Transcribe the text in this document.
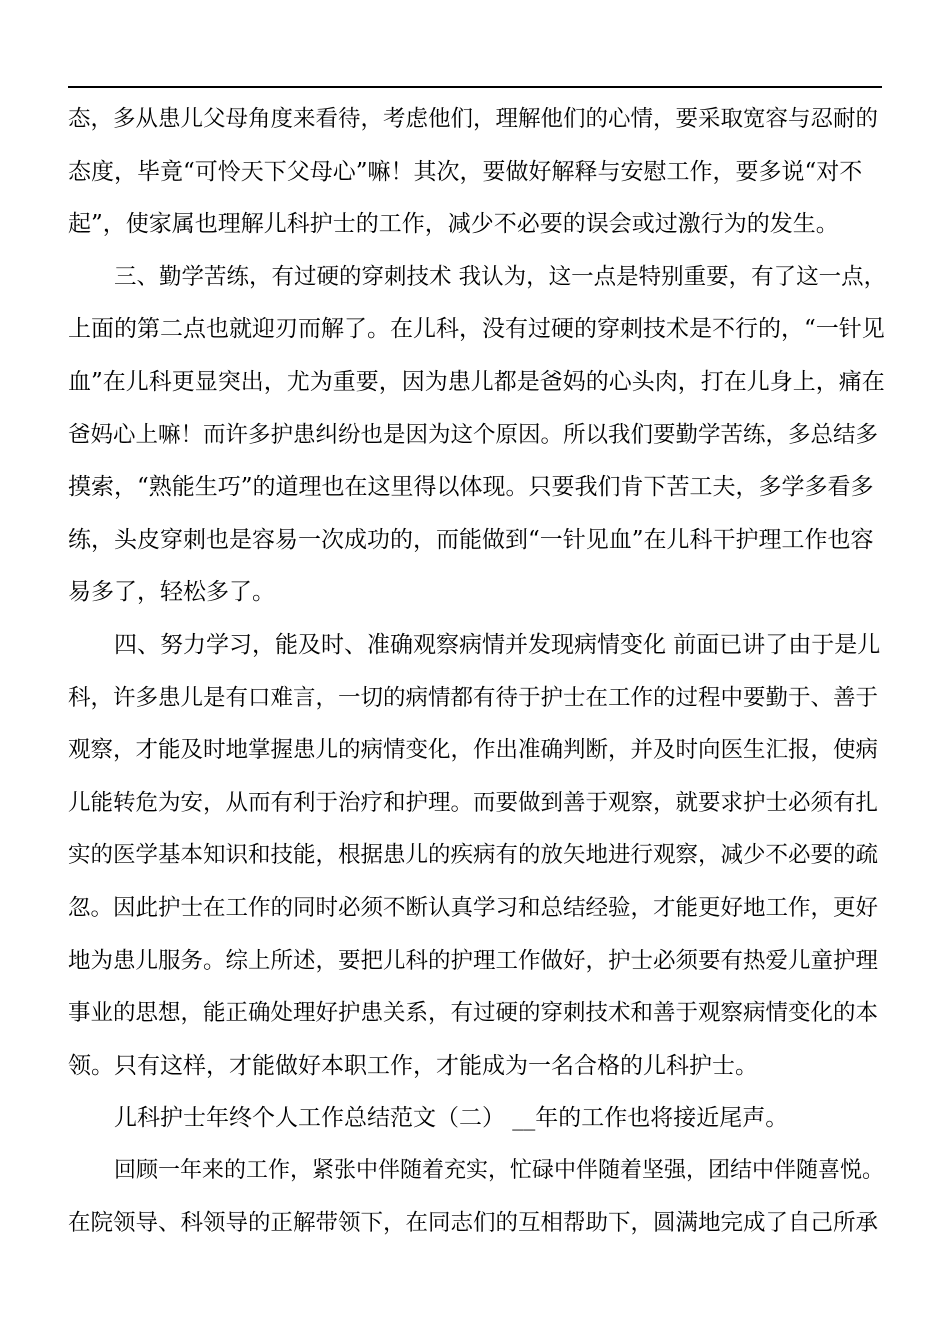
态，多从患儿父母角度来看待，考虑他们，理解他们的心情，要采取宽容与忍耐的
态度，毕竟“可怜天下父母心”嘛！其次，要做好解释与安慰工作，要多说“对不
起”，使家属也理解儿科护士的工作，减少不必要的误会或过激行为的发生。
三、勤学苦练，有过硬的穿刺技术 我认为，这一点是特别重要，有了这一点，
上面的第二点也就迎刃而解了。在儿科，没有过硬的穿刺技术是不行的，“一针见
血”在儿科更显突出，尤为重要，因为患儿都是爸妈的心头肉，打在儿身上，痛在
爸妈心上嘛！而许多护患纠纷也是因为这个原因。所以我们要勤学苦练，多总结多
摸索，“熟能生巧”的道理也在这里得以体现。只要我们肯下苦工夫，多学多看多
练，头皮穿刺也是容易一次成功的，而能做到“一针见血”在儿科干护理工作也容
易多了，轻松多了。
四、努力学习，能及时、准确观察病情并发现病情变化 前面已讲了由于是儿
科，许多患儿是有口难言，一切的病情都有待于护士在工作的过程中要勤于、善于
观察，才能及时地掌握患儿的病情变化，作出准确判断，并及时向医生汇报，使病
儿能转危为安，从而有利于治疗和护理。而要做到善于观察，就要求护士必须有扎
实的医学基本知识和技能，根据患儿的疾病有的放矢地进行观察，减少不必要的疏
忽。因此护士在工作的同时必须不断认真学习和总结经验，才能更好地工作，更好
地为患儿服务。综上所述，要把儿科的护理工作做好，护士必须要有热爱儿童护理
事业的思想，能正确处理好护患关系，有过硬的穿刺技术和善于观察病情变化的本
领。只有这样，才能做好本职工作，才能成为一名合格的儿科护士。
儿科护士年终个人工作总结范文（二） __年的工作也将接近尾声。
回顾一年来的工作，紧张中伴随着充实，忙碌中伴随着坚强，团结中伴随喜悦。
在院领导、科领导的正解带领下，在同志们的互相帮助下，圆满地完成了自己所承
